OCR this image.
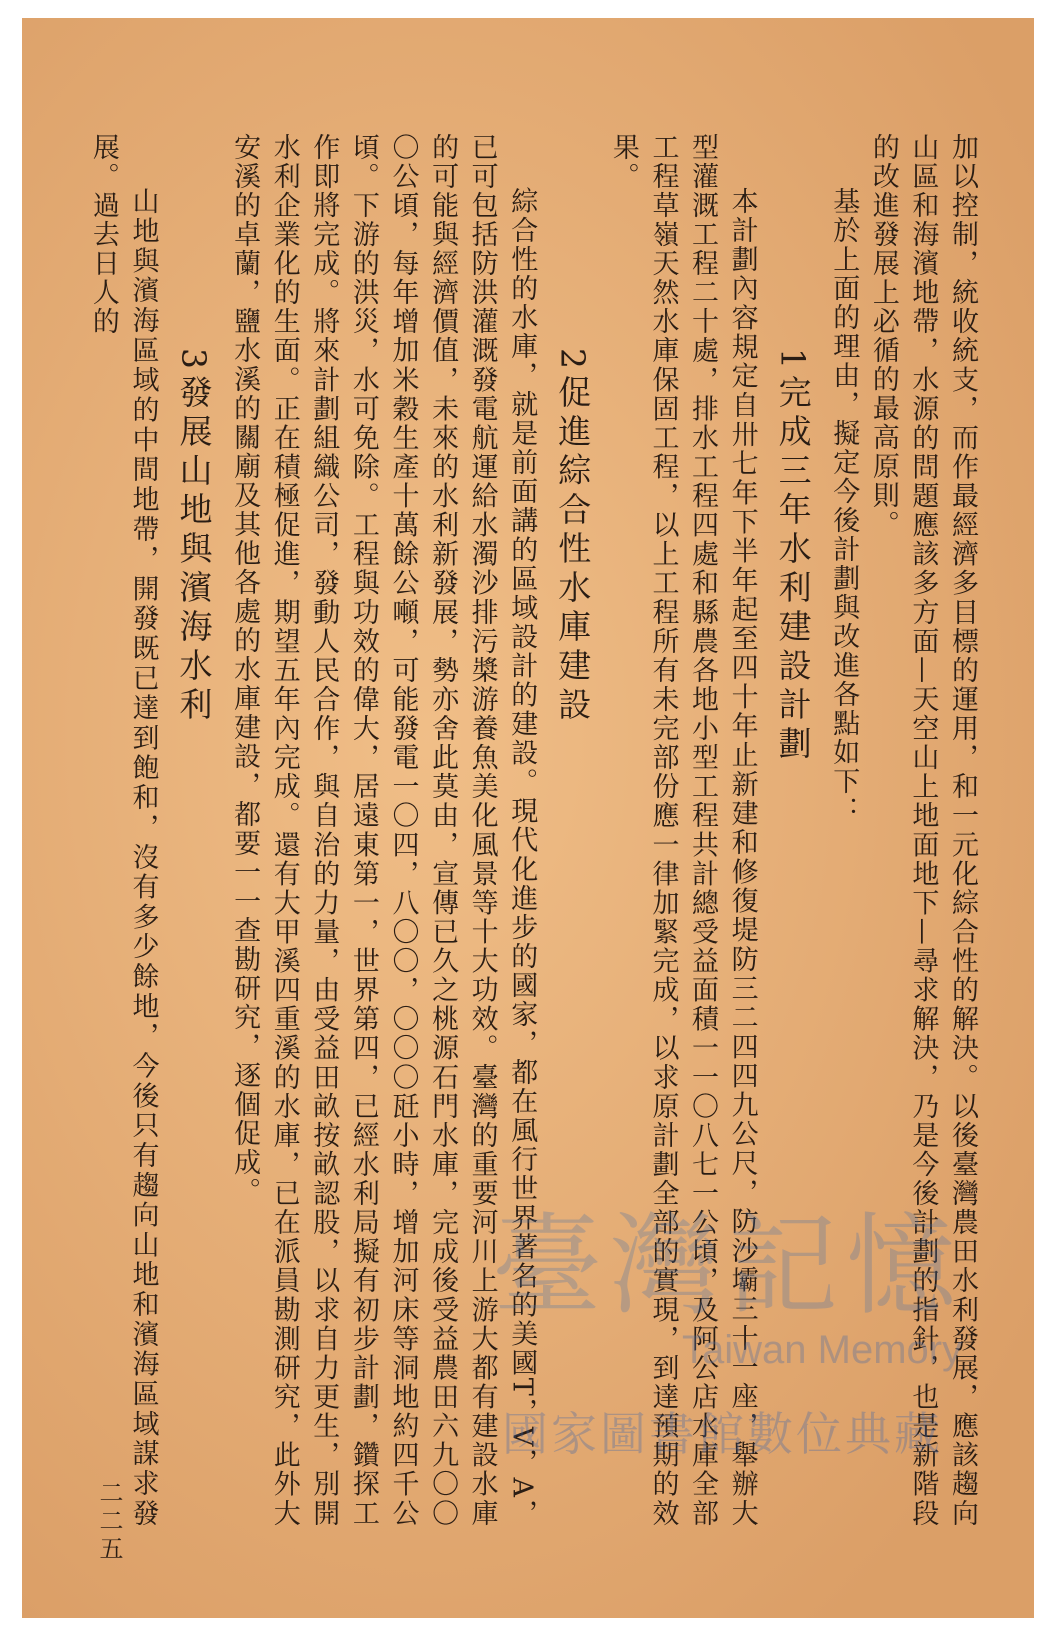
加以控制，統收統支，而作最經濟多目標的運用，和一元化綜合性的解決。以後臺灣農田水利發展，應該趨向山區和海濱地帶，水源的問題應該多方面—天空山上地面地下—尋求解決，乃是今後計劃的指針，也是新階段的改進發展上必循的最高原則。

基於上面的理由，擬定今後計劃與改進各點如下：

1完成三年水利建設計劃

本計劃內容規定自卅七年下半年起至四十年止新建和修復堤防三二四四九公尺，防沙壩三十一座，舉辦大型灌溉工程二十處，排水工程四處和縣農各地小型工程共計總受益面積一一〇八七一公頃，及阿公店水庫全部工程草嶺天然水庫保固工程，以上工程所有未完部份應一律加緊完成，以求原計劃全部的實現，到達預期的效果。

2促進綜合性水庫建設

綜合性的水庫，就是前面講的區域設計的建設。現代化進步的國家，都在風行世界著名的美國T，V，A，已可包括防洪灌溉發電航運給水濁沙排污槳游養魚美化風景等十大功效。臺灣的重要河川上游大都有建設水庫的可能與經濟價值，未來的水利新發展，勢亦舍此莫由，宣傳已久之桃源石門水庫，完成後受益農田六九〇〇〇公頃，每年增加米穀生產十萬餘公噸，可能發電一〇四，八〇〇，〇〇〇瓩小時，增加河床等洞地約四千公頃。下游的洪災，水可免除。工程與功效的偉大，居遠東第一，世界第四，已經水利局擬有初步計劃，鑽探工作即將完成。將來計劃組織公司，發動人民合作，與自治的力量，由受益田畝按畝認股，以求自力更生，別開水利企業化的生面。正在積極促進，期望五年內完成。還有大甲溪四重溪的水庫，已在派員勘測研究，此外大安溪的卓蘭，鹽水溪的關廟及其他各處的水庫建設，都要一一查勘研究，逐個促成。

3發展山地與濱海水利

山地與濱海區域的中間地帶，開發既已達到飽和，沒有多少餘地，今後只有趨向山地和濱海區域謀求發展。過去日人的

二二五
臺灣記憶
Taiwan Memory
國家圖書館數位典藏
